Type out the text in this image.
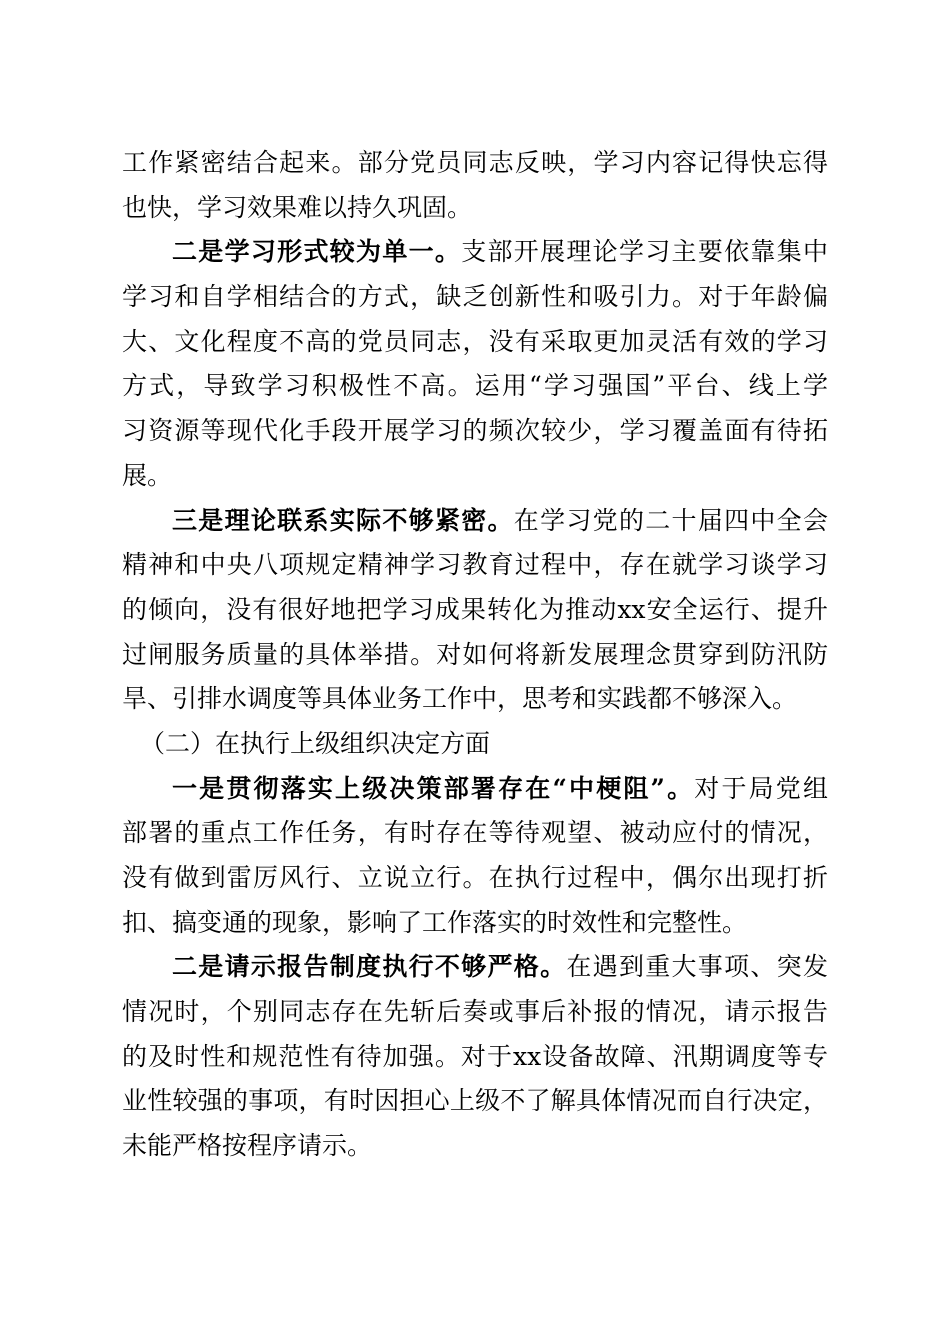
工作紧密结合起来。部分党员同志反映，学习内容记得快忘得
也快，学习效果难以持久巩固。
二是学习形式较为单一。支部开展理论学习主要依靠集中
学习和自学相结合的方式，缺乏创新性和吸引力。对于年龄偏
大、文化程度不高的党员同志，没有采取更加灵活有效的学习
方式，导致学习积极性不高。运用“学习强国”平台、线上学
习资源等现代化手段开展学习的频次较少，学习覆盖面有待拓
展。
三是理论联系实际不够紧密。在学习党的二十届四中全会
精神和中央八项规定精神学习教育过程中，存在就学习谈学习
的倾向，没有很好地把学习成果转化为推动xx安全运行、提升
过闸服务质量的具体举措。对如何将新发展理念贯穿到防汛防
旱、引排水调度等具体业务工作中，思考和实践都不够深入。
（二）在执行上级组织决定方面
一是贯彻落实上级决策部署存在“中梗阻”。对于局党组
部署的重点工作任务，有时存在等待观望、被动应付的情况，
没有做到雷厉风行、立说立行。在执行过程中，偶尔出现打折
扣、搞变通的现象，影响了工作落实的时效性和完整性。
二是请示报告制度执行不够严格。在遇到重大事项、突发
情况时，个别同志存在先斩后奏或事后补报的情况，请示报告
的及时性和规范性有待加强。对于xx设备故障、汛期调度等专
业性较强的事项，有时因担心上级不了解具体情况而自行决定，
未能严格按程序请示。
